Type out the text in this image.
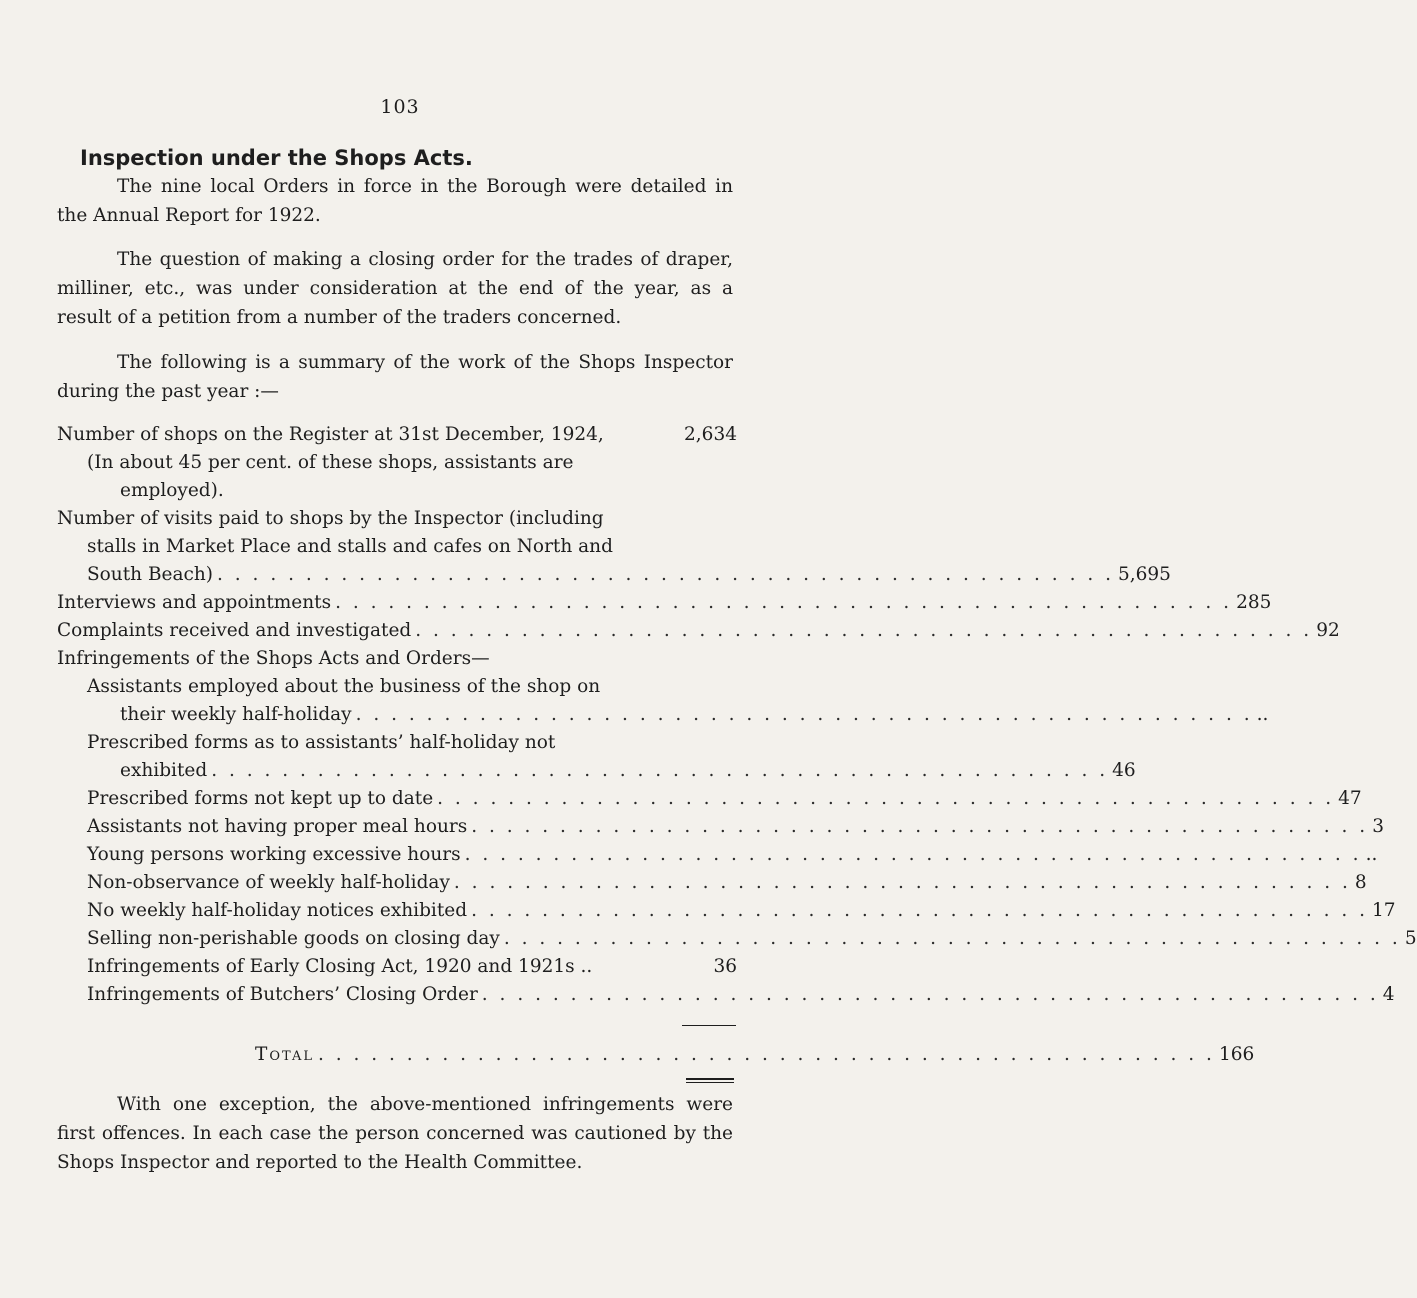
103
Inspection under the Shops Acts.

The nine local Orders in force in the Borough were detailed in the Annual Report for 1922.

The question of making a closing order for the trades of draper, milliner, etc., was under consideration at the end of the year, as a result of a petition from a number of the traders concerned.

The following is a summary of the work of the Shops Inspector during the past year :—

Number of shops on the Register at 31st December, 1924,	2,634
(In about 45 per cent. of these shops, assistants are
employed).
Number of visits paid to shops by the Inspector (including
stalls in Market Place and stalls and cafes on North and
South Beach) . . . . . . . . . . . . . . . . . . . . . . . . . . . . . . . . . . . . . . . . . . . . . . . . . . . 5,695
Interviews and appointments . . . . . . . . . . . . . . . . . . . . . . . . . . . . . . . . . . . . . . . . . . . . . . . . . . . 285
Complaints received and investigated . . . . . . . . . . . . . . . . . . . . . . . . . . . . . . . . . . . . . . . . . . . . . . . . . . . 92
Infringements of the Shops Acts and Orders—
Assistants employed about the business of the shop on
their weekly half-holiday . . . . . . . . . . . . . . . . . . . . . . . . . . . . . . . . . . . . . . . . . . . . . . . . . . . ..
Prescribed forms as to assistants’ half-holiday not
exhibited . . . . . . . . . . . . . . . . . . . . . . . . . . . . . . . . . . . . . . . . . . . . . . . . . . . 46
Prescribed forms not kept up to date . . . . . . . . . . . . . . . . . . . . . . . . . . . . . . . . . . . . . . . . . . . . . . . . . . . 47
Assistants not having proper meal hours . . . . . . . . . . . . . . . . . . . . . . . . . . . . . . . . . . . . . . . . . . . . . . . . . . . 3
Young persons working excessive hours . . . . . . . . . . . . . . . . . . . . . . . . . . . . . . . . . . . . . . . . . . . . . . . . . . . ..
Non-observance of weekly half-holiday . . . . . . . . . . . . . . . . . . . . . . . . . . . . . . . . . . . . . . . . . . . . . . . . . . . 8
No weekly half-holiday notices exhibited . . . . . . . . . . . . . . . . . . . . . . . . . . . . . . . . . . . . . . . . . . . . . . . . . . . 17
Selling non-perishable goods on closing day . . . . . . . . . . . . . . . . . . . . . . . . . . . . . . . . . . . . . . . . . . . . . . . . . . . 5
Infringements of Early Closing Act, 1920 and 1921s ..	36
Infringements of Butchers’ Closing Order . . . . . . . . . . . . . . . . . . . . . . . . . . . . . . . . . . . . . . . . . . . . . . . . . . . 4
Total . . . . . . . . . . . . . . . . . . . . . . . . . . . . . . . . . . . . . . . . . . . . . . . . . . . 166

With one exception, the above-mentioned infringements were first offences. In each case the person concerned was cautioned by the Shops Inspector and reported to the Health Committee.
